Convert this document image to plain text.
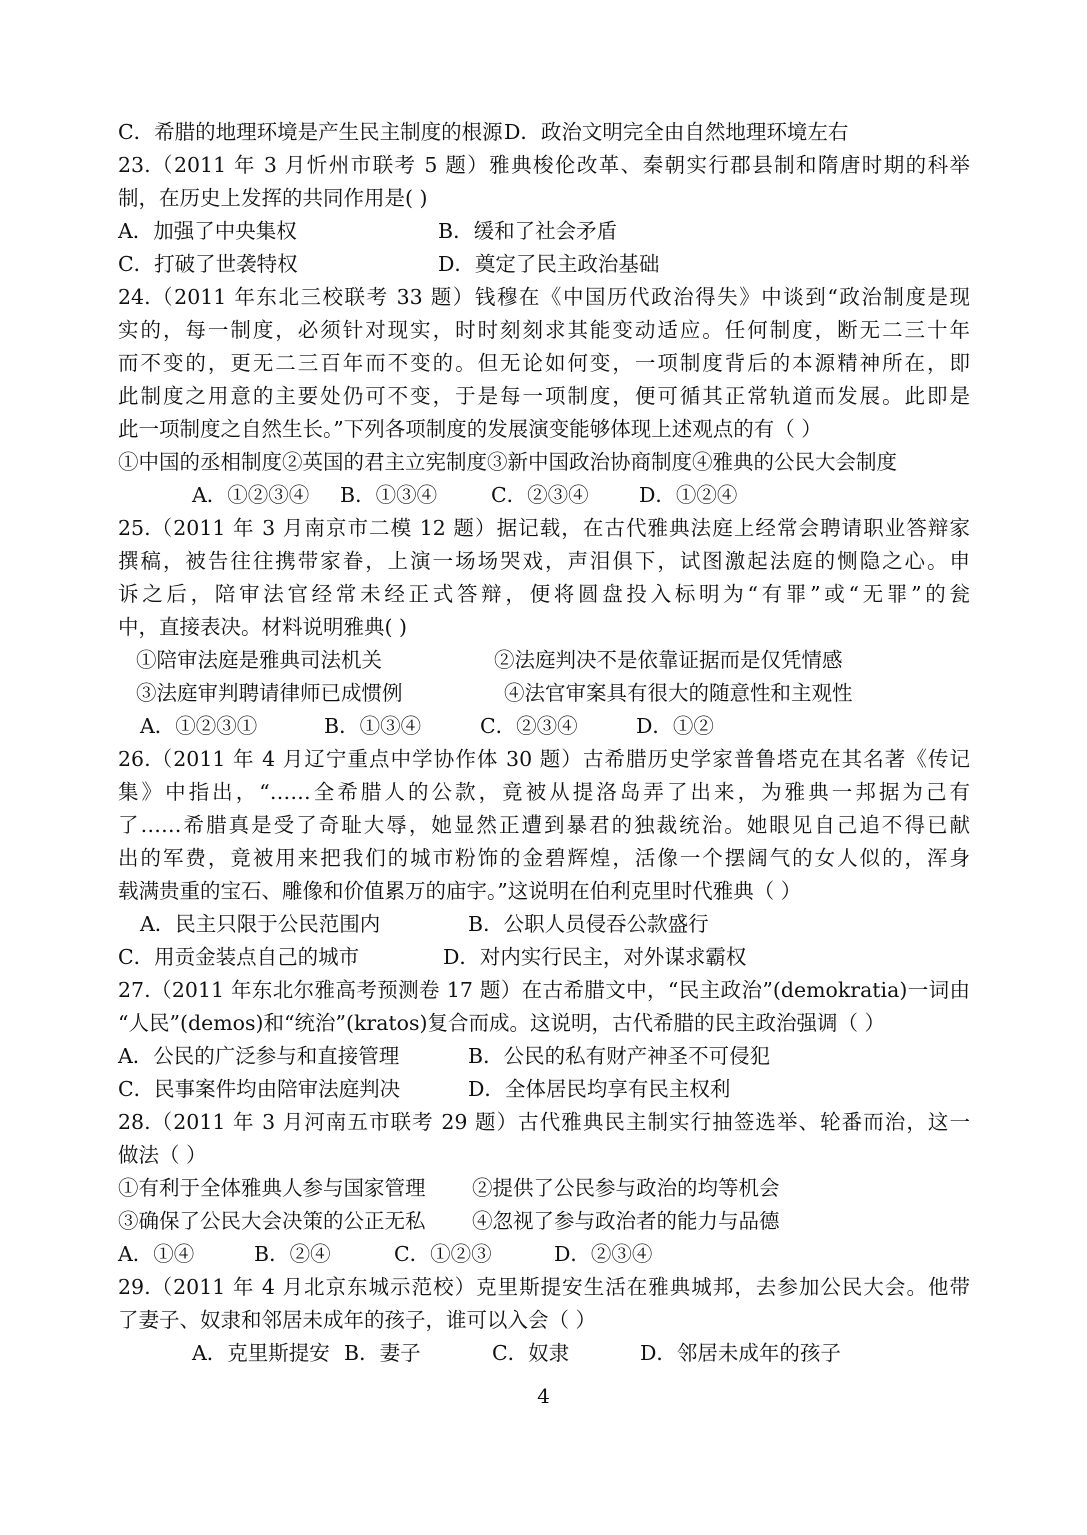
C．希腊的地理环境是产生民主制度的根源 D．政治文明完全由自然地理环境左右
23.（2011 年 3 月忻州市联考 5 题）雅典梭伦改革、秦朝实行郡县制和隋唐时期的科举
制，在历史上发挥的共同作用是( )
A．加强了中央集权	B．缓和了社会矛盾
C．打破了世袭特权	D．奠定了民主政治基础
24.（2011 年东北三校联考 33 题）钱穆在《中国历代政治得失》中谈到“政治制度是现
实的，每一制度，必须针对现实，时时刻刻求其能变动适应。任何制度，断无二三十年
而不变的，更无二三百年而不变的。但无论如何变，一项制度背后的本源精神所在，即
此制度之用意的主要处仍可不变，于是每一项制度，便可循其正常轨道而发展。此即是
此一项制度之自然生长。”下列各项制度的发展演变能够体现上述观点的有（ ）
①中国的丞相制度②英国的君主立宪制度③新中国政治协商制度④雅典的公民大会制度
A．①②③④ B．①③④	C．②③④ D．①②④
25.（2011 年 3 月南京市二模 12 题）据记载，在古代雅典法庭上经常会聘请职业答辩家
撰稿，被告往往携带家眷，上演一场场哭戏，声泪俱下，试图激起法庭的恻隐之心。申
诉之后，陪审法官经常未经正式答辩，便将圆盘投入标明为“有罪”或“无罪”的瓮
中，直接表决。材料说明雅典( )
①陪审法庭是雅典司法机关	②法庭判决不是依靠证据而是仅凭情感
③法庭审判聘请律师已成惯例	④法官审案具有很大的随意性和主观性
A．①②③①	B．①③④	C．②③④	D．①②
26.（2011 年 4 月辽宁重点中学协作体 30 题）古希腊历史学家普鲁塔克在其名著《传记
集》中指出，“……全希腊人的公款，竟被从提洛岛弄了出来，为雅典一邦据为己有
了……希腊真是受了奇耻大辱，她显然正遭到暴君的独裁统治。她眼见自己追不得已献
出的军费，竟被用来把我们的城市粉饰的金碧辉煌，活像一个摆阔气的女人似的，浑身
载满贵重的宝石、雕像和价值累万的庙宇。”这说明在伯利克里时代雅典（ ）
A．民主只限于公民范围内	B．公职人员侵吞公款盛行
C．用贡金装点自己的城市	D．对内实行民主，对外谋求霸权
27.（2011 年东北尔雅高考预测卷 17 题）在古希腊文中，“民主政治”(demokratia)一词由
“人民”(demos)和“统治”(kratos)复合而成。这说明，古代希腊的民主政治强调（ ）
A．公民的广泛参与和直接管理	B．公民的私有财产神圣不可侵犯
C．民事案件均由陪审法庭判决	D．全体居民均享有民主权利
28.（2011 年 3 月河南五市联考 29 题）古代雅典民主制实行抽签选举、轮番而治，这一
做法（ ）
①有利于全体雅典人参与国家管理 ②提供了公民参与政治的均等机会
③确保了公民大会决策的公正无私 ④忽视了参与政治者的能力与品德
A．①④	B．②④	C．①②③	D．②③④
29.（2011 年 4 月北京东城示范校）克里斯提安生活在雅典城邦，去参加公民大会。他带
了妻子、奴隶和邻居未成年的孩子，谁可以入会（ ）
A．克里斯提安 B．妻子	C．奴隶	D．邻居未成年的孩子
4
